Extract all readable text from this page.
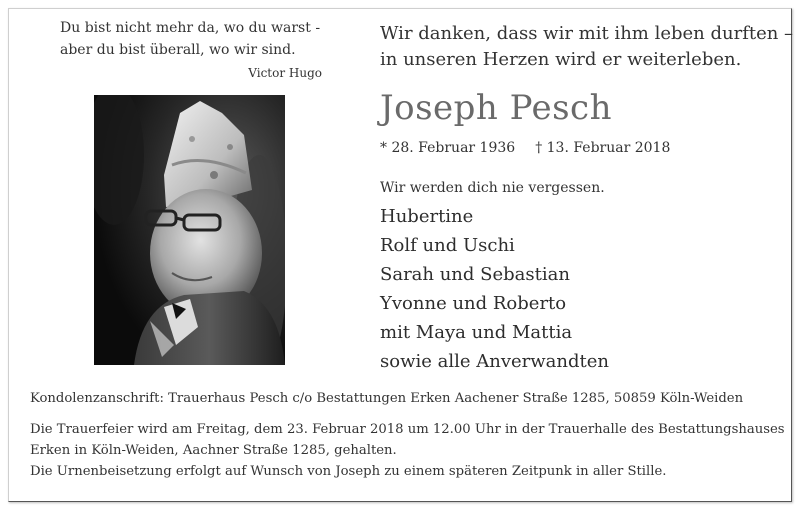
Du bist nicht mehr da, wo du warst -
aber du bist überall, wo wir sind.
Victor Hugo
Wir danken, dass wir mit ihm leben durften –
in unseren Herzen wird er weiterleben.
Joseph Pesch
* 28. Februar 1936 † 13. Februar 2018
Wir werden dich nie vergessen.
Hubertine
Rolf und Uschi
Sarah und Sebastian
Yvonne und Roberto
mit Maya und Mattia
sowie alle Anverwandten
Kondolenzanschrift: Trauerhaus Pesch c/o Bestattungen Erken Aachener Straße 1285, 50859 Köln-Weiden
Die Trauerfeier wird am Freitag, dem 23. Februar 2018 um 12.00 Uhr in der Trauerhalle des Bestattungshauses
Erken in Köln-Weiden, Aachner Straße 1285, gehalten.
Die Urnenbeisetzung erfolgt auf Wunsch von Joseph zu einem späteren Zeitpunk in aller Stille.
